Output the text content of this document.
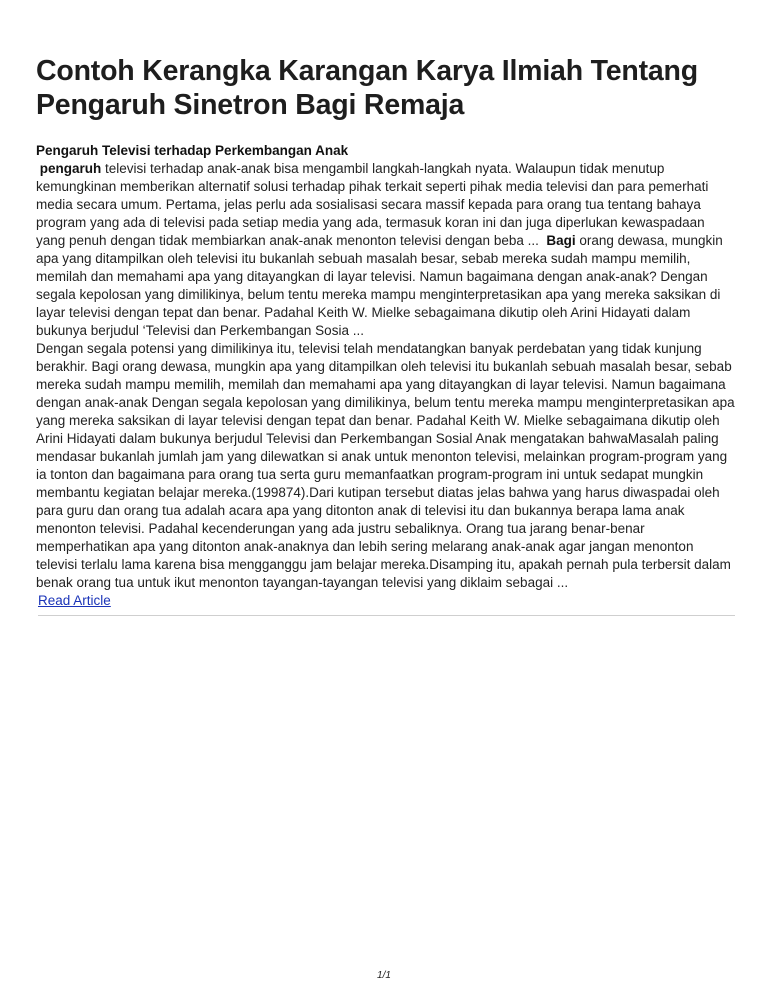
Contoh Kerangka Karangan Karya Ilmiah Tentang Pengaruh Sinetron Bagi Remaja
Pengaruh Televisi terhadap Perkembangan Anak
pengaruh televisi terhadap anak-anak bisa mengambil langkah-langkah nyata. Walaupun tidak menutup kemungkinan memberikan alternatif solusi terhadap pihak terkait seperti pihak media televisi dan para pemerhati media secara umum. Pertama, jelas perlu ada sosialisasi secara massif kepada para orang tua tentang bahaya program yang ada di televisi pada setiap media yang ada, termasuk koran ini dan juga diperlukan kewaspadaan yang penuh dengan tidak membiarkan anak-anak menonton televisi dengan beba ...  Bagi orang dewasa, mungkin apa yang ditampilkan oleh televisi itu bukanlah sebuah masalah besar, sebab mereka sudah mampu memilih, memilah dan memahami apa yang ditayangkan di layar televisi. Namun bagaimana dengan anak-anak? Dengan segala kepolosan yang dimilikinya, belum tentu mereka mampu menginterpretasikan apa yang mereka saksikan di layar televisi dengan tepat dan benar. Padahal Keith W. Mielke sebagaimana dikutip oleh Arini Hidayati dalam bukunya berjudul ‘Televisi dan Perkembangan Sosia ...
Dengan segala potensi yang dimilikinya itu, televisi telah mendatangkan banyak perdebatan yang tidak kunjung berakhir. Bagi orang dewasa, mungkin apa yang ditampilkan oleh televisi itu bukanlah sebuah masalah besar, sebab mereka sudah mampu memilih, memilah dan memahami apa yang ditayangkan di layar televisi. Namun bagaimana dengan anak-anak Dengan segala kepolosan yang dimilikinya, belum tentu mereka mampu menginterpretasikan apa yang mereka saksikan di layar televisi dengan tepat dan benar. Padahal Keith W. Mielke sebagaimana dikutip oleh Arini Hidayati dalam bukunya berjudul Televisi dan Perkembangan Sosial Anak mengatakan bahwaMasalah paling mendasar bukanlah jumlah jam yang dilewatkan si anak untuk menonton televisi, melainkan program-program yang ia tonton dan bagaimana para orang tua serta guru memanfaatkan program-program ini untuk sedapat mungkin membantu kegiatan belajar mereka.(199874).Dari kutipan tersebut diatas jelas bahwa yang harus diwaspadai oleh para guru dan orang tua adalah acara apa yang ditonton anak di televisi itu dan bukannya berapa lama anak menonton televisi. Padahal kecenderungan yang ada justru sebaliknya. Orang tua jarang benar-benar memperhatikan apa yang ditonton anak-anaknya dan lebih sering melarang anak-anak agar jangan menonton televisi terlalu lama karena bisa mengganggu jam belajar mereka.Disamping itu, apakah pernah pula terbersit dalam benak orang tua untuk ikut menonton tayangan-tayangan televisi yang diklaim sebagai ...
Read Article
1/1
